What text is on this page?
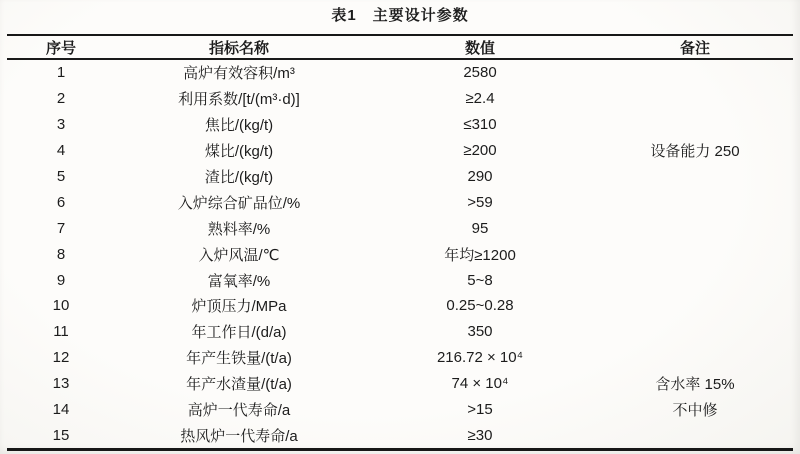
表1　主要设计参数
序号	指标名称	数值	备注
1	高炉有效容积/m³	2580
2	利用系数/[t/(m³·d)]	≥2.4
3	焦比/(kg/t)	≤310
4	煤比/(kg/t)	≥200	设备能力 250
5	渣比/(kg/t)	290
6	入炉综合矿品位/%	>59
7	熟料率/%	95
8	入炉风温/℃	年均≥1200
9	富氧率/%	5~8
10	炉顶压力/MPa	0.25~0.28
11	年工作日/(d/a)	350
12	年产生铁量/(t/a)	216.72 × 10⁴
13	年产水渣量/(t/a)	74 × 10⁴	含水率 15%
14	高炉一代寿命/a	>15	不中修
15	热风炉一代寿命/a	≥30
